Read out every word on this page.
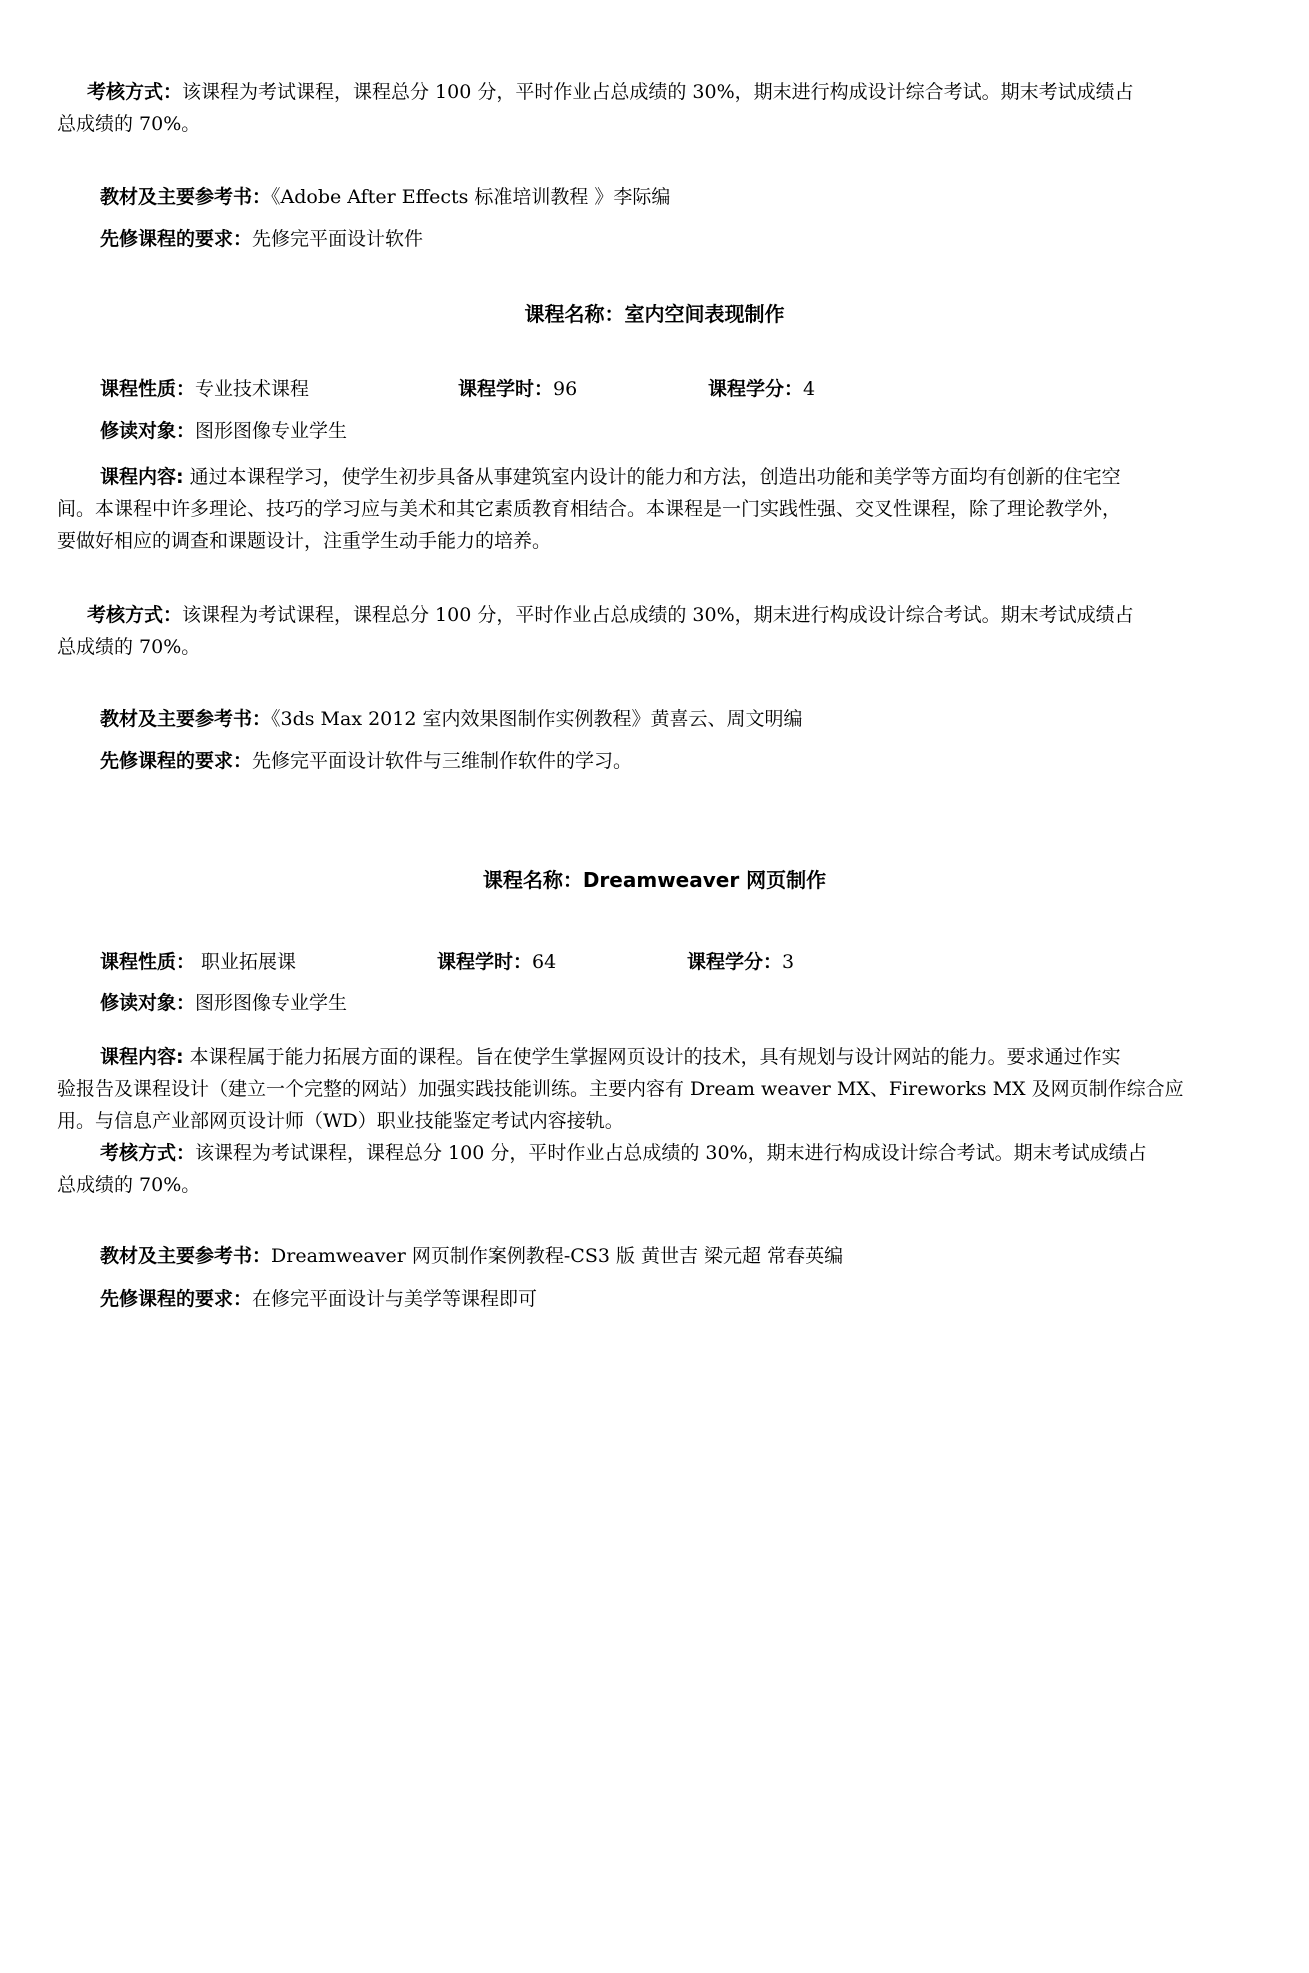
考核方式：该课程为考试课程，课程总分 100 分，平时作业占总成绩的 30%，期末进行构成设计综合考试。期末考试成绩占
总成绩的 70%。
教材及主要参考书：《Adobe After Effects 标准培训教程 》李际编
先修课程的要求：先修完平面设计软件
课程名称：室内空间表现制作
课程性质：专业技术课程	课程学时：96	课程学分：4
修读对象：图形图像专业学生
课程内容: 通过本课程学习，使学生初步具备从事建筑室内设计的能力和方法，创造出功能和美学等方面均有创新的住宅空
间。本课程中许多理论、技巧的学习应与美术和其它素质教育相结合。本课程是一门实践性强、交叉性课程，除了理论教学外，
要做好相应的调查和课题设计，注重学生动手能力的培养。
考核方式：该课程为考试课程，课程总分 100 分，平时作业占总成绩的 30%，期末进行构成设计综合考试。期末考试成绩占
总成绩的 70%。
教材及主要参考书：《3ds Max 2012 室内效果图制作实例教程》黄喜云、周文明编
先修课程的要求：先修完平面设计软件与三维制作软件的学习。
课程名称：Dreamweaver 网页制作
课程性质： 职业拓展课	课程学时：64	课程学分：3
修读对象：图形图像专业学生
课程内容: 本课程属于能力拓展方面的课程。旨在使学生掌握网页设计的技术，具有规划与设计网站的能力。要求通过作实
验报告及课程设计（建立一个完整的网站）加强实践技能训练。主要内容有 Dream weaver MX、Fireworks MX 及网页制作综合应
用。与信息产业部网页设计师（WD）职业技能鉴定考试内容接轨。
考核方式：该课程为考试课程，课程总分 100 分，平时作业占总成绩的 30%，期末进行构成设计综合考试。期末考试成绩占
总成绩的 70%。
教材及主要参考书：Dreamweaver 网页制作案例教程-CS3 版 黄世吉 梁元超 常春英编
先修课程的要求：在修完平面设计与美学等课程即可
